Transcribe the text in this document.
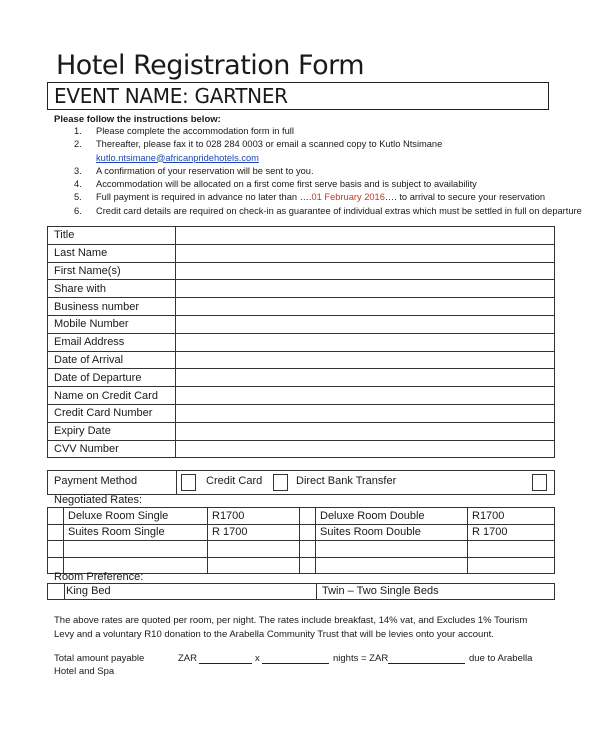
Hotel Registration Form
EVENT NAME: GARTNER
Please follow the instructions below:
1. Please complete the accommodation form in full
2. Thereafter, please fax it to 028 284 0003 or email a scanned copy to Kutlo Ntsimane
kutlo.ntsimane@africanpridehotels.com
3. A confirmation of your reservation will be sent to you.
4. Accommodation will be allocated on a first come first serve basis and is subject to availability
5. Full payment is required in advance no later than ….01 February 2016…. to arrival to secure your reservation
6. Credit card details are required on check-in as guarantee of individual extras which must be settled in full on departure
Title	
Last Name	
First Name(s)	
Share with	
Business number	
Mobile Number	
Email Address	
Date of Arrival	
Date of Departure	
Name on Credit Card	
Credit Card Number	
Expiry Date	
CVV Number	
Payment Method	Credit Card	Direct Bank Transfer
Negotiated Rates:
	Deluxe Room Single	R1700		Deluxe Room Double	R1700
	Suites Room Single	R 1700		Suites Room Double	R 1700

Room Preference:
King Bed	Twin – Two Single Beds

The above rates are quoted per room, per night. The rates include breakfast, 14% vat, and Excludes 1% Tourism Levy and a voluntary R10 donation to the Arabella Community Trust that will be levies onto your account.

Total amount payable
Hotel and Spa
ZAR	x	nights = ZAR	due to Arabella
